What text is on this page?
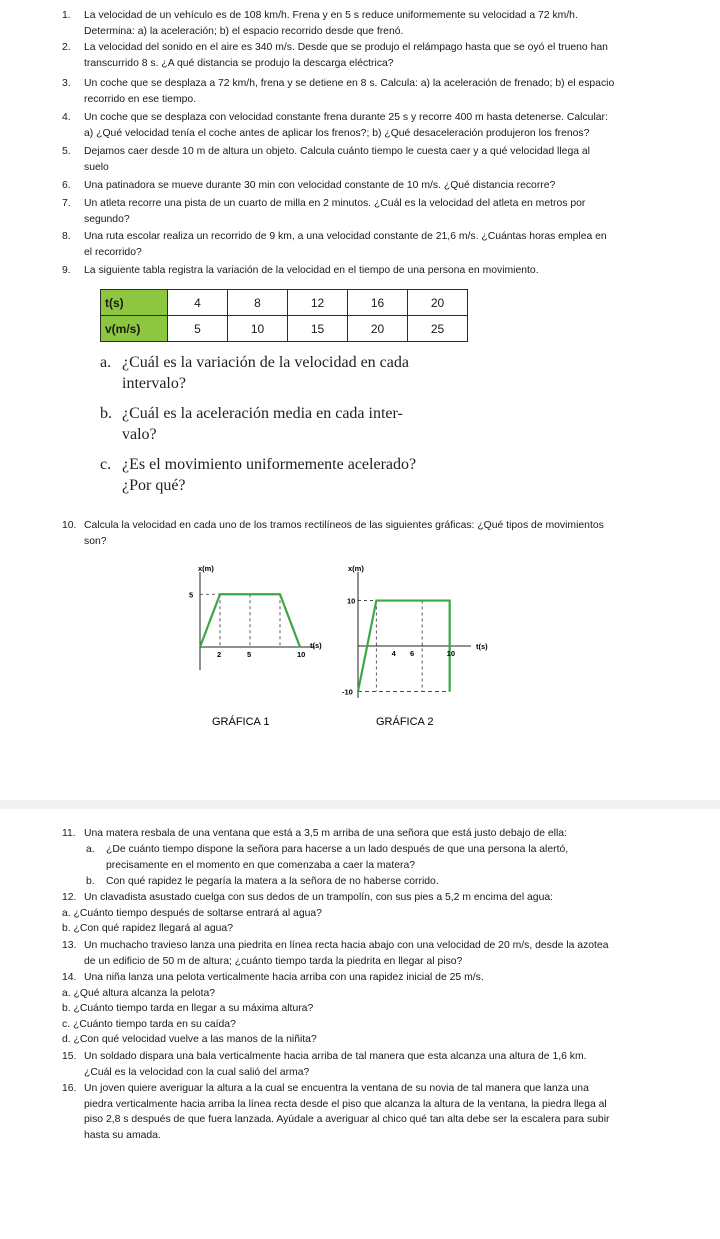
1. La velocidad de un vehículo es de 108 km/h. Frena y en 5 s reduce uniformemente su velocidad a 72 km/h.
Determina: a) la aceleración; b) el espacio recorrido desde que frenó.
2. La velocidad del sonido en el aire es 340 m/s. Desde que se produjo el relámpago hasta que se oyó el trueno han
transcurrido 8 s. ¿A qué distancia se produjo la descarga eléctrica?
3. Un coche que se desplaza a 72 km/h, frena y se detiene en 8 s. Calcula: a) la aceleración de frenado; b) el espacio
recorrido en ese tiempo.
4. Un coche que se desplaza con velocidad constante frena durante 25 s y recorre 400 m hasta detenerse. Calcular:
a) ¿Qué velocidad tenía el coche antes de aplicar los frenos?; b) ¿Qué desaceleración produjeron los frenos?
5. Dejamos caer desde 10 m de altura un objeto. Calcula cuánto tiempo le cuesta caer y a qué velocidad llega al
suelo
6. Una patinadora se mueve durante 30 min con velocidad constante de 10 m/s. ¿Qué distancia recorre?
7. Un atleta recorre una pista de un cuarto de milla en 2 minutos. ¿Cuál es la velocidad del atleta en metros por
segundo?
8. Una ruta escolar realiza un recorrido de 9 km, a una velocidad constante de 21,6 m/s. ¿Cuántas horas emplea en
el recorrido?
9. La siguiente tabla registra la variación de la velocidad en el tiempo de una persona en movimiento.
t(s)	4	8	12	16	20
v(m/s)	5	10	15	20	25
a. ¿Cuál es la variación de la velocidad en cada
intervalo?
b. ¿Cuál es la aceleración media en cada inter-
valo?
c. ¿Es el movimiento uniformemente acelerado?
¿Por qué?
10. Calcula la velocidad en cada uno de los tramos rectilíneos de las siguientes gráficas: ¿Qué tipos de movimientos
son?
x(m)
t(s)
2	5	10
5
GRÁFICA 1
x(m)
t(s)
4 6	10
10
-10
GRÁFICA 2
11. Una matera resbala de una ventana que está a 3,5 m arriba de una señora que está justo debajo de ella:
a. ¿De cuánto tiempo dispone la señora para hacerse a un lado después de que una persona la alertó,
precisamente en el momento en que comenzaba a caer la matera?
b. Con qué rapidez le pegaría la matera a la señora de no haberse corrido.
12. Un clavadista asustado cuelga con sus dedos de un trampolín, con sus pies a 5,2 m encima del agua:
a. ¿Cuánto tiempo después de soltarse entrará al agua?
b. ¿Con qué rapidez llegará al agua?
13. Un muchacho travieso lanza una piedrita en línea recta hacia abajo con una velocidad de 20 m/s, desde la azotea
de un edificio de 50 m de altura; ¿cuánto tiempo tarda la piedrita en llegar al piso?
14. Una niña lanza una pelota verticalmente hacia arriba con una rapidez inicial de 25 m/s.
a. ¿Qué altura alcanza la pelota?
b. ¿Cuánto tiempo tarda en llegar a su máxima altura?
c. ¿Cuánto tiempo tarda en su caída?
d. ¿Con qué velocidad vuelve a las manos de la niñita?
15. Un soldado dispara una bala verticalmente hacia arriba de tal manera que esta alcanza una altura de 1,6 km.
¿Cuál es la velocidad con la cual salió del arma?
16. Un joven quiere averiguar la altura a la cual se encuentra la ventana de su novia de tal manera que lanza una
piedra verticalmente hacia arriba la línea recta desde el piso que alcanza la altura de la ventana, la piedra llega al
piso 2,8 s después de que fuera lanzada. Ayúdale a averiguar al chico qué tan alta debe ser la escalera para subir
hasta su amada.
